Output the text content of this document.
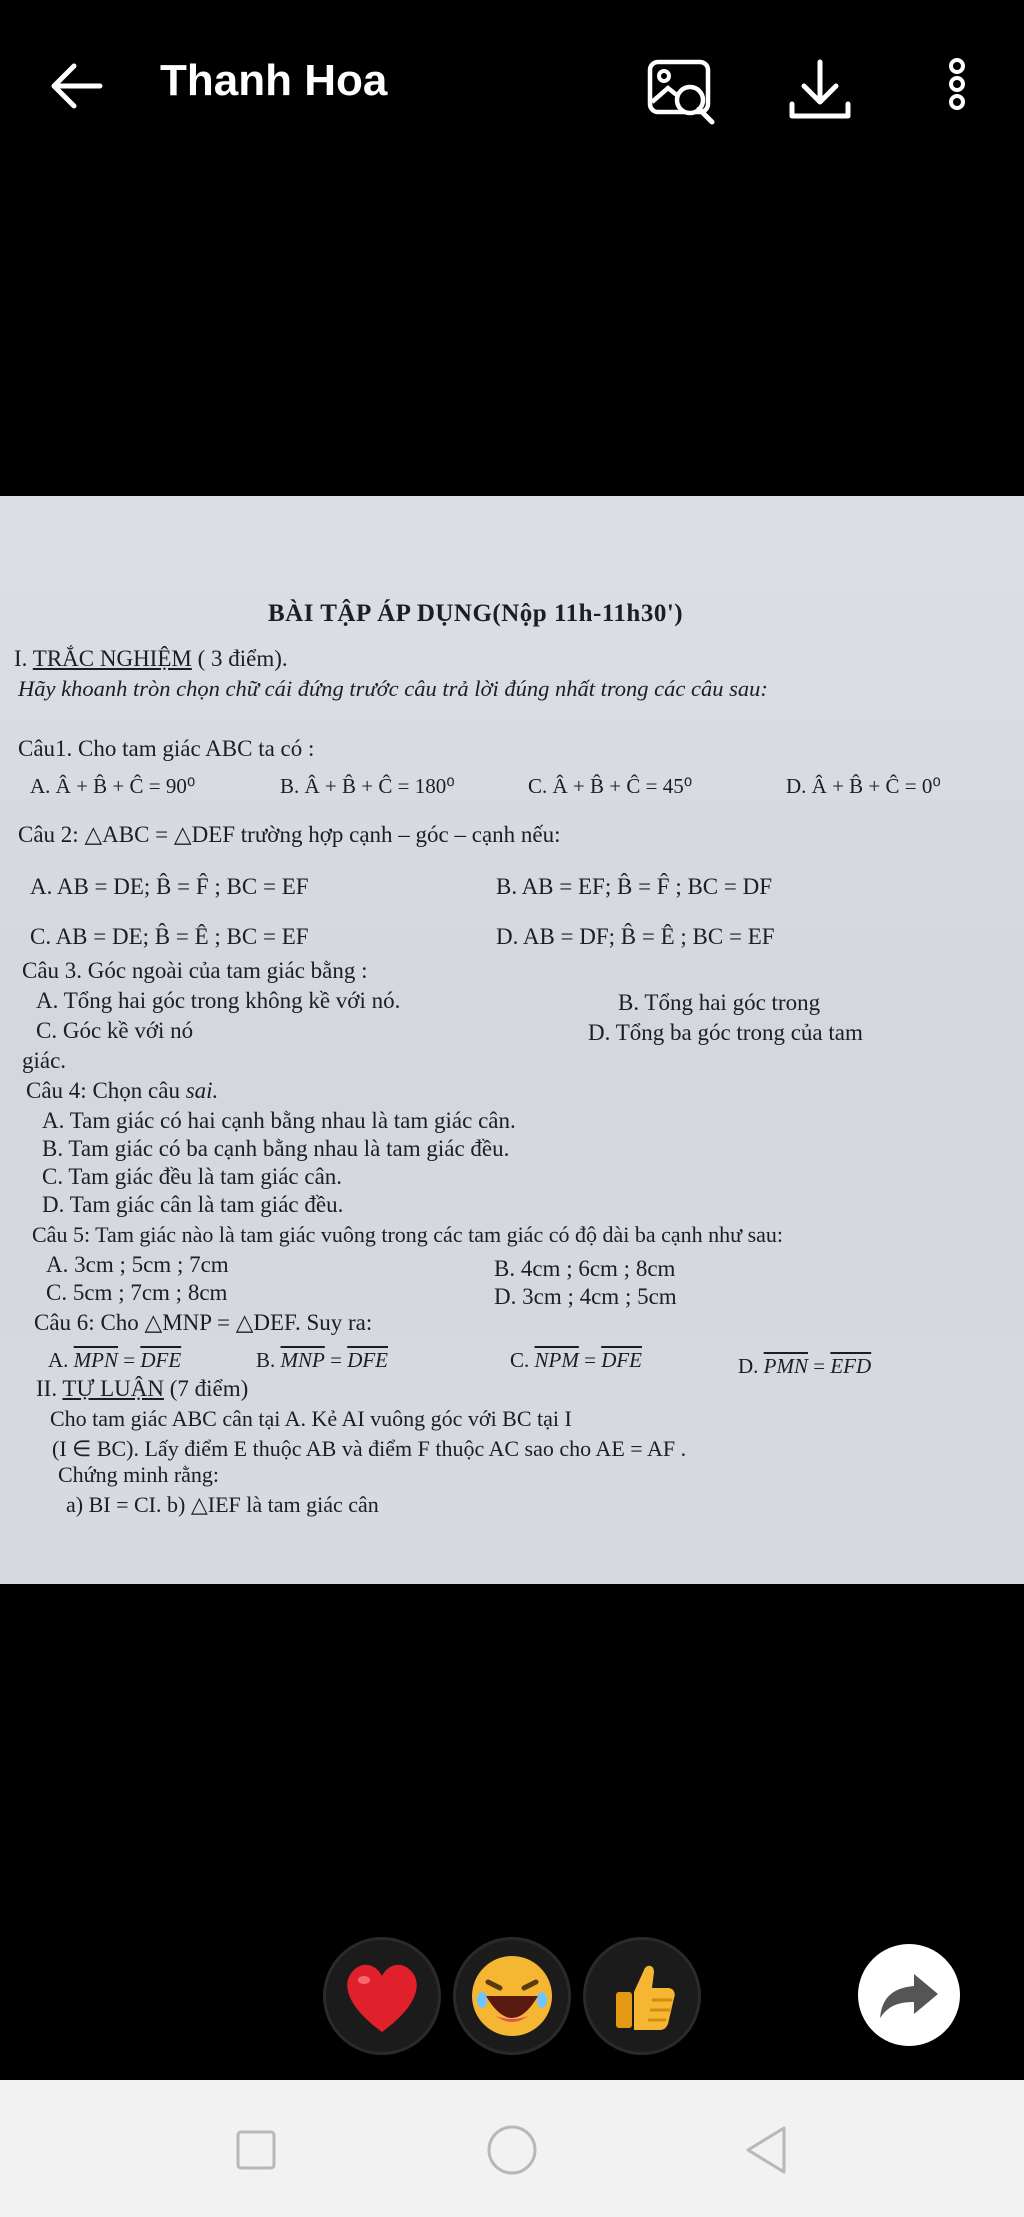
Thanh Hoa
BÀI TẬP ÁP DỤNG(Nộp 11h-11h30')
I. TRẮC NGHIỆM ( 3 điểm).
Hãy khoanh tròn chọn chữ cái đứng trước câu trả lời đúng nhất trong các câu sau:
Câu1. Cho tam giác ABC ta có :
A. Â + B̂ + Ĉ = 90⁰	B. Â + B̂ + Ĉ = 180⁰	C. Â + B̂ + Ĉ = 45⁰	D. Â + B̂ + Ĉ = 0⁰
Câu 2: △ABC = △DEF trường hợp cạnh – góc – cạnh nếu:
A. AB = DE; B̂ = F̂ ; BC = EF	B. AB = EF; B̂ = F̂ ; BC = DF
C. AB = DE; B̂ = Ê ; BC = EF	D. AB = DF; B̂ = Ê ; BC = EF
Câu 3. Góc ngoài của tam giác bằng :
A. Tổng hai góc trong không kề với nó.	B. Tổng hai góc trong
C. Góc kề với nó	D. Tổng ba góc trong của tam
giác.
Câu 4: Chọn câu sai.
A. Tam giác có hai cạnh bằng nhau là tam giác cân.
B. Tam giác có ba cạnh bằng nhau là tam giác đều.
C. Tam giác đều là tam giác cân.
D. Tam giác cân là tam giác đều.
Câu 5: Tam giác nào là tam giác vuông trong các tam giác có độ dài ba cạnh như sau:
A. 3cm ; 5cm ; 7cm	B. 4cm ; 6cm ; 8cm
C. 5cm ; 7cm ; 8cm	D. 3cm ; 4cm ; 5cm
Câu 6: Cho △MNP = △DEF. Suy ra:
A. $\overline{MPN} = \overline{DFE}$	B. $\overline{MNP} = \overline{DFE}$	C. $\overline{NPM} = \overline{DFE}$	D. $\overline{PMN} = \overline{EFD}$
II. TỰ LUẬN (7 điểm)
Cho tam giác ABC cân tại A. Kẻ AI vuông góc với BC tại I
(I ∈ BC). Lấy điểm E thuộc AB và điểm F thuộc AC sao cho AE = AF .
Chứng minh rằng:
a) BI = CI. b) △IEF là tam giác cân
